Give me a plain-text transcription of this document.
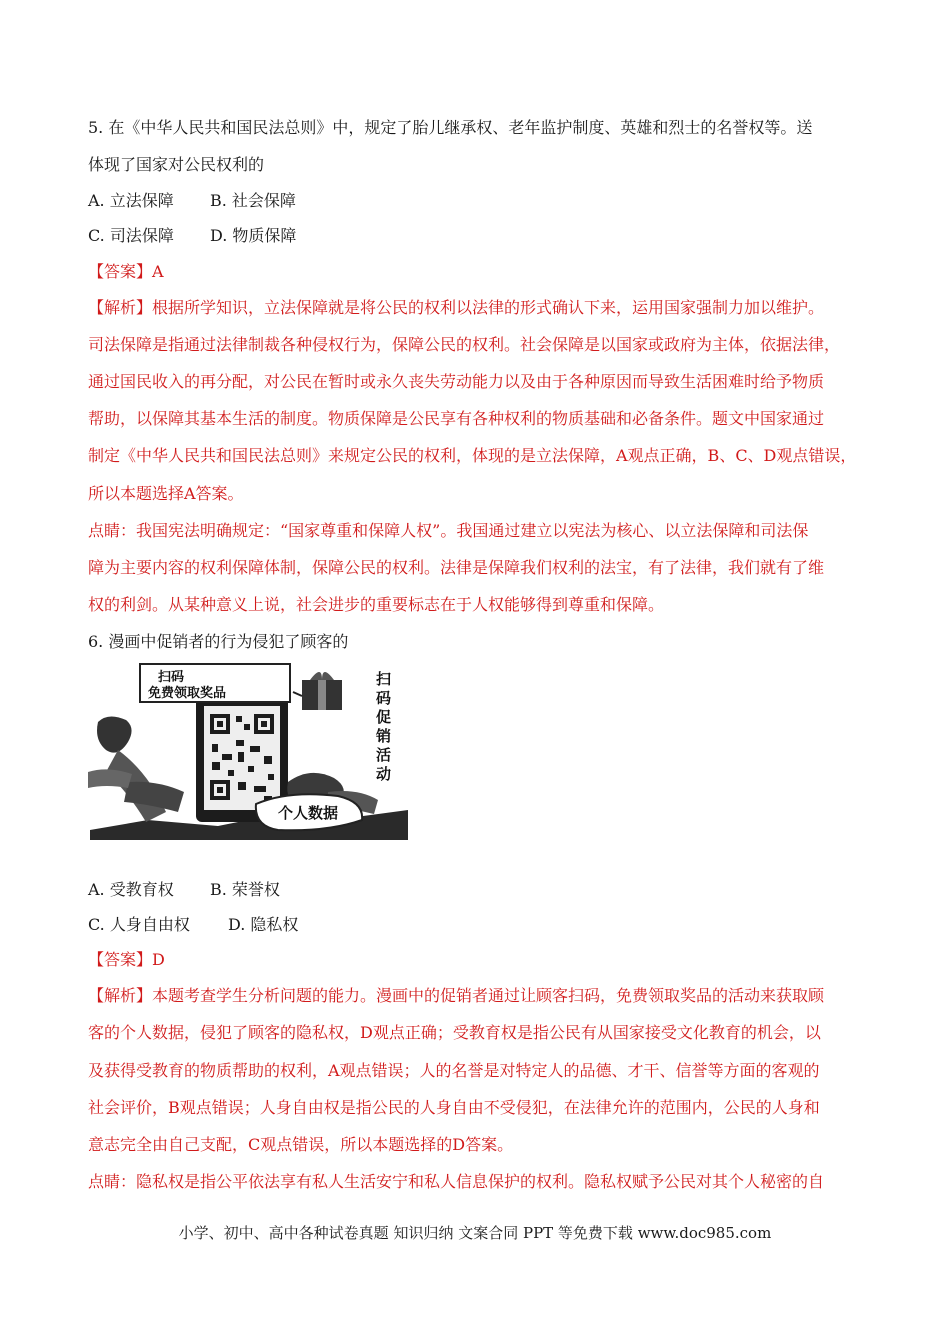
5. 在《中华人民共和国民法总则》中，规定了胎儿继承权、老年监护制度、英雄和烈士的名誉权等。送
体现了国家对公民权利的
A. 立法保障 B. 社会保障
C. 司法保障 D. 物质保障
【答案】A
【解析】根据所学知识，立法保障就是将公民的权利以法律的形式确认下来，运用国家强制力加以维护。
司法保障是指通过法律制裁各种侵权行为，保障公民的权利。社会保障是以国家或政府为主体，依据法律，
通过国民收入的再分配，对公民在暂时或永久丧失劳动能力以及由于各种原因而导致生活困难时给予物质
帮助，以保障其基本生活的制度。物质保障是公民享有各种权利的物质基础和必备条件。题文中国家通过
制定《中华人民共和国民法总则》来规定公民的权利，体现的是立法保障，A观点正确，B、C、D观点错误，
所以本题选择A答案。
点睛：我国宪法明确规定：“国家尊重和保障人权”。我国通过建立以宪法为核心、以立法保障和司法保
障为主要内容的权利保障体制，保障公民的权利。法律是保障我们权利的法宝，有了法律，我们就有了维
权的利剑。从某种意义上说，社会进步的重要标志在于人权能够得到尊重和保障。
6. 漫画中促销者的行为侵犯了顾客的
扫码
免费领取奖品
扫码促销活动
个人数据
A. 受教育权 B. 荣誉权
C. 人身自由权 D. 隐私权
【答案】D
【解析】本题考查学生分析问题的能力。漫画中的促销者通过让顾客扫码，免费领取奖品的活动来获取顾
客的个人数据，侵犯了顾客的隐私权，D观点正确；受教育权是指公民有从国家接受文化教育的机会，以
及获得受教育的物质帮助的权利，A观点错误；人的名誉是对特定人的品德、才干、信誉等方面的客观的
社会评价，B观点错误；人身自由权是指公民的人身自由不受侵犯，在法律允许的范围内，公民的人身和
意志完全由自己支配，C观点错误，所以本题选择的D答案。
点睛：隐私权是指公平依法享有私人生活安宁和私人信息保护的权利。隐私权赋予公民对其个人秘密的自
小学、初中、高中各种试卷真题 知识归纳 文案合同 PPT 等免费下载 www.doc985.com
